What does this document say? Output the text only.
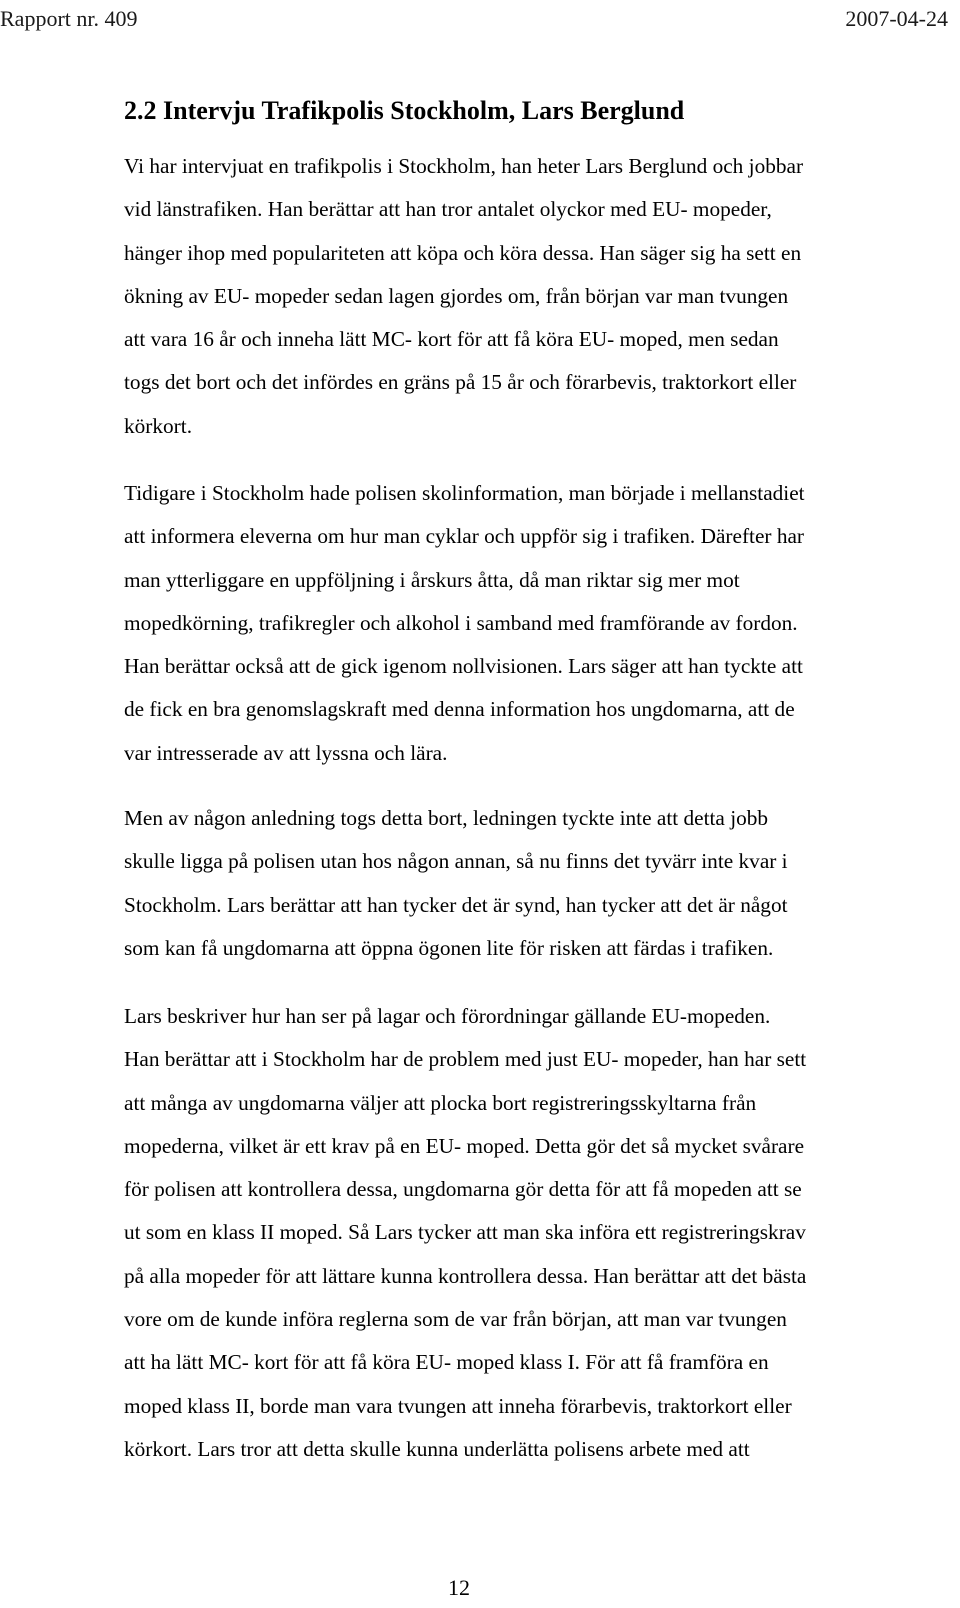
Rapport nr. 409	2007-04-24
2.2 Intervju Trafikpolis Stockholm, Lars Berglund
Vi har intervjuat en trafikpolis i Stockholm, han heter Lars Berglund och jobbar
vid länstrafiken. Han berättar att han tror antalet olyckor med EU- mopeder,
hänger ihop med populariteten att köpa och köra dessa. Han säger sig ha sett en
ökning av EU- mopeder sedan lagen gjordes om, från början var man tvungen
att vara 16 år och inneha lätt MC- kort för att få köra EU- moped, men sedan
togs det bort och det infördes en gräns på 15 år och förarbevis, traktorkort eller
körkort.
Tidigare i Stockholm hade polisen skolinformation, man började i mellanstadiet
att informera eleverna om hur man cyklar och uppför sig i trafiken. Därefter har
man ytterliggare en uppföljning i årskurs åtta, då man riktar sig mer mot
mopedkörning, trafikregler och alkohol i samband med framförande av fordon.
Han berättar också att de gick igenom nollvisionen. Lars säger att han tyckte att
de fick en bra genomslagskraft med denna information hos ungdomarna, att de
var intresserade av att lyssna och lära.
Men av någon anledning togs detta bort, ledningen tyckte inte att detta jobb
skulle ligga på polisen utan hos någon annan, så nu finns det tyvärr inte kvar i
Stockholm. Lars berättar att han tycker det är synd, han tycker att det är något
som kan få ungdomarna att öppna ögonen lite för risken att färdas i trafiken.
Lars beskriver hur han ser på lagar och förordningar gällande EU-mopeden.
Han berättar att i Stockholm har de problem med just EU- mopeder, han har sett
att många av ungdomarna väljer att plocka bort registreringsskyltarna från
mopederna, vilket är ett krav på en EU- moped. Detta gör det så mycket svårare
för polisen att kontrollera dessa, ungdomarna gör detta för att få mopeden att se
ut som en klass II moped. Så Lars tycker att man ska införa ett registreringskrav
på alla mopeder för att lättare kunna kontrollera dessa. Han berättar att det bästa
vore om de kunde införa reglerna som de var från början, att man var tvungen
att ha lätt MC- kort för att få köra EU- moped klass I. För att få framföra en
moped klass II, borde man vara tvungen att inneha förarbevis, traktorkort eller
körkort. Lars tror att detta skulle kunna underlätta polisens arbete med att
12
